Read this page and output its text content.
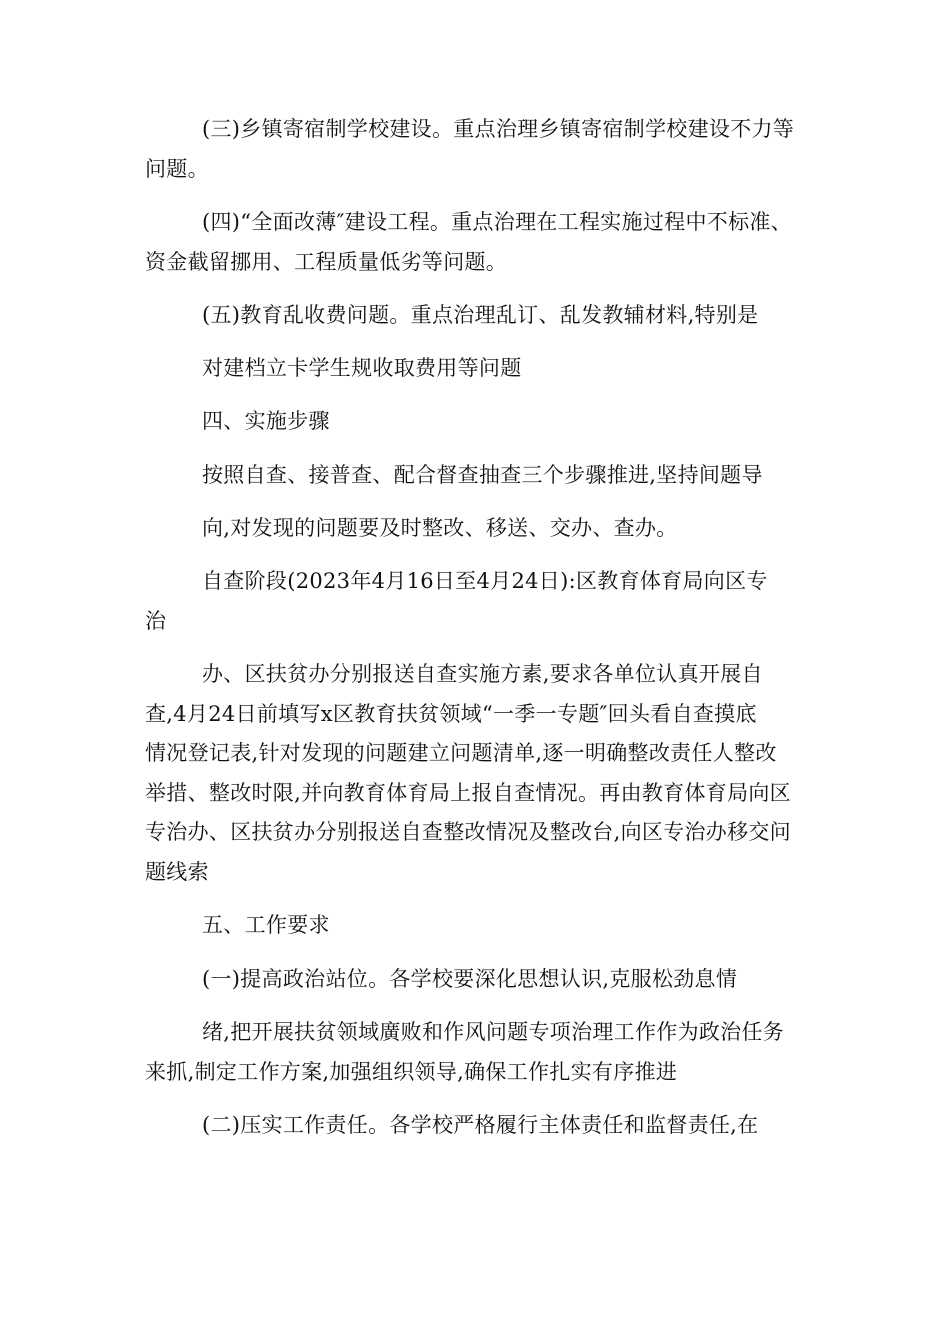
(三)乡镇寄宿制学校建设。重点治理乡镇寄宿制学校建设不力等
问题。
(四)“全面改薄″建设工程。重点治理在工程实施过程中不标准、
资金截留挪用、工程质量低劣等问题。
(五)教育乱收费问题。重点治理乱订、乱发教辅材料,特别是
对建档立卡学生规收取费用等问题
四、实施步骤
按照自查、接普查、配合督查抽查三个步骤推进,坚持间题导
向,对发现的问题要及时整改、移送、交办、查办。
自查阶段(2023年4月16日至4月24日):区教育体育局向区专
治
办、区扶贫办分别报送自查实施方素,要求各单位认真开展自
查,4月24日前填写x区教育扶贫领域“一季一专题″回头看自查摸底
情况登记表,针对发现的问题建立问题清单,逐一明确整改责任人整改
举措、整改时限,并向教育体育局上报自查情况。再由教育体育局向区
专治办、区扶贫办分别报送自查整改情况及整改台,向区专治办移交问
题线索
五、工作要求
(一)提高政治站位。各学校要深化思想认识,克服松劲息情
绪,把开展扶贫领域廣败和作风问题专项治理工作作为政治任务
来抓,制定工作方案,加强组织领导,确保工作扎实有序推进
(二)压实工作责任。各学校严格履行主体责任和监督责任,在
